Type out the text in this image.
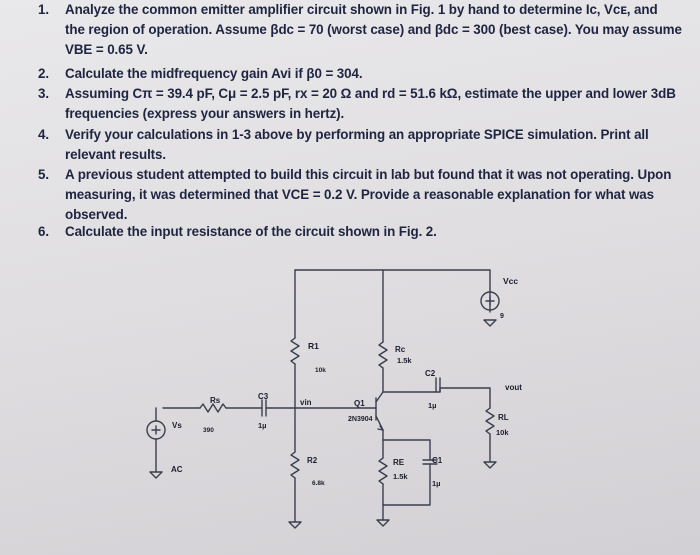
1. Analyze the common emitter amplifier circuit shown in Fig. 1 by hand to determine Iᴄ, Vᴄᴇ, and
the region of operation. Assume βdc = 70 (worst case) and βdc = 300 (best case). You may assume
VBE = 0.65 V.
2. Calculate the midfrequency gain Avi if β0 = 304.
3. Assuming Cπ = 39.4 pF, Cμ = 2.5 pF, rx = 20 Ω and rd = 51.6 kΩ, estimate the upper and lower 3dB
frequencies (express your answers in hertz).
4. Verify your calculations in 1-3 above by performing an appropriate SPICE simulation. Print all
relevant results.
5. A previous student attempted to build this circuit in lab but found that it was not operating. Upon
measuring, it was determined that VCE = 0.2 V. Provide a reasonable explanation for what was
observed.
6. Calculate the input resistance of the circuit shown in Fig. 2.
Vcc
9
R1
10k
Rc
1.5k
C2
1µ
vout
RL
10k
Rs
390
C3
1µ
vin	Q1
2N3904
Vs
AC
R2
6.8k
RE
1.5k
C1
1µ
